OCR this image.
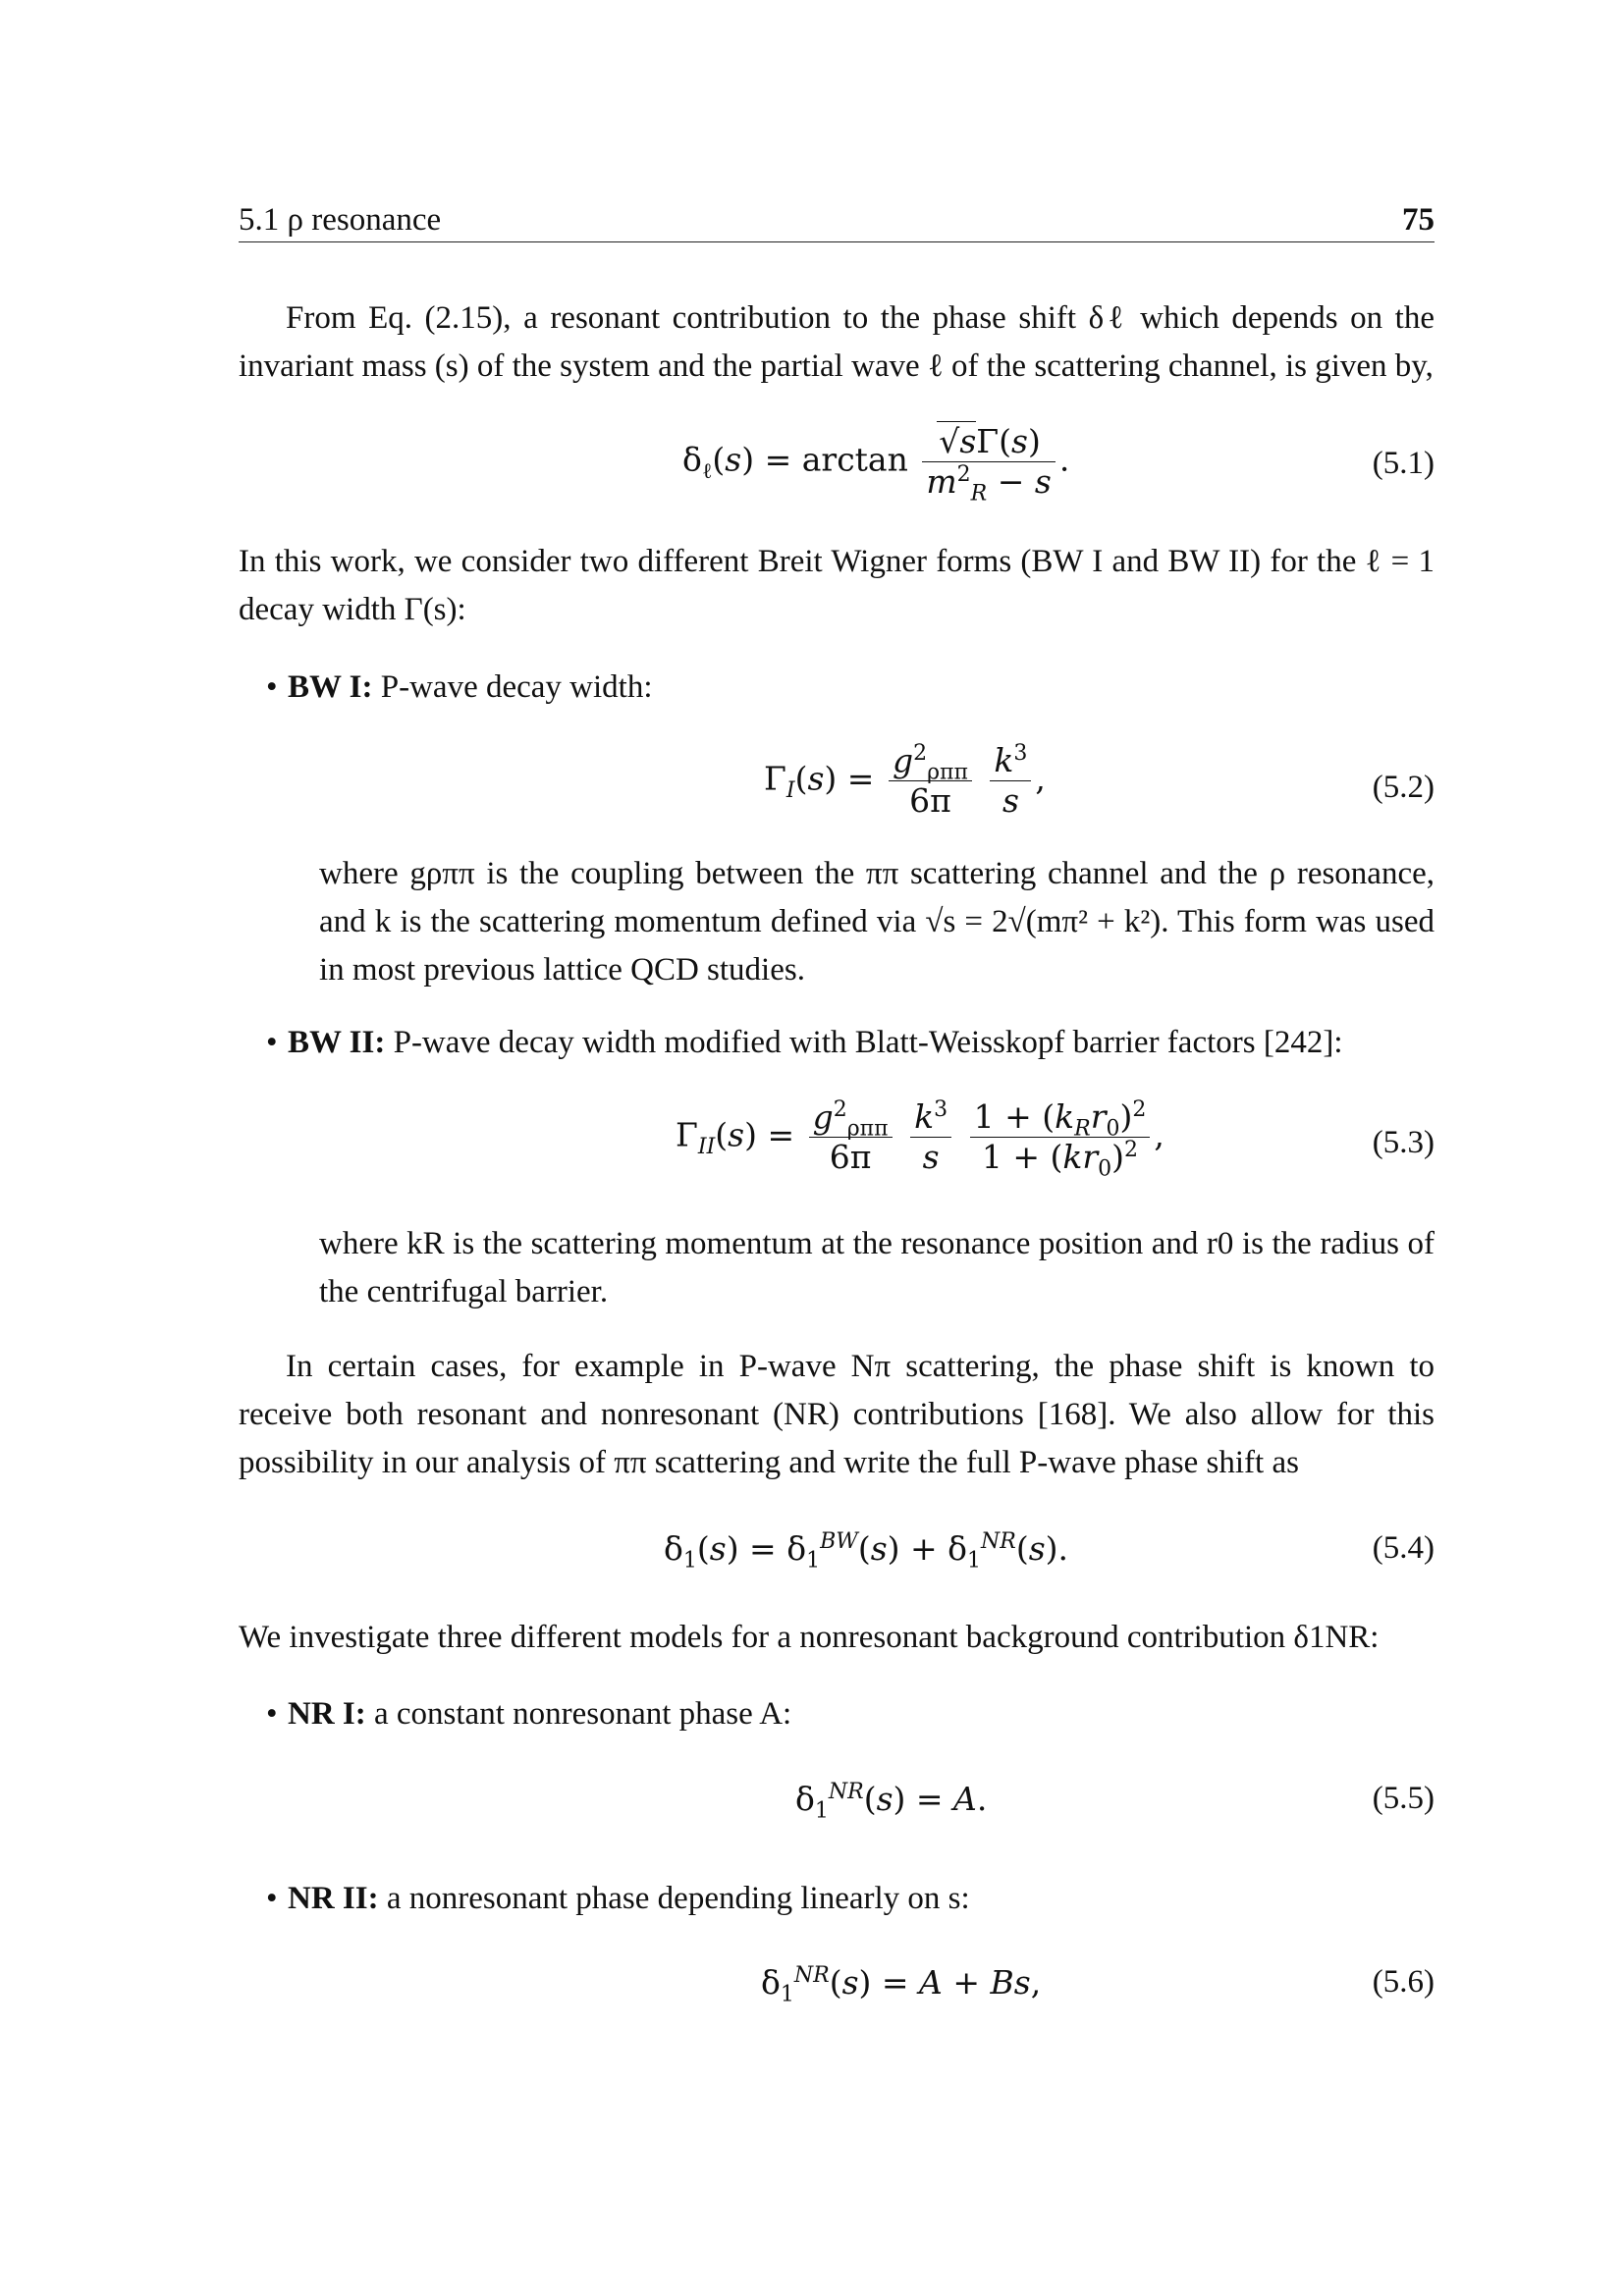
5.1 ρ resonance	75
From Eq. (2.15), a resonant contribution to the phase shift δℓ which depends on the invariant mass (s) of the system and the partial wave ℓ of the scattering channel, is given by,
$\delta_\ell(s) = \arctan \frac{√s\Gamma(s)}{m^2_R - s}$ .	(5.1)
In this work, we consider two different Breit Wigner forms (BW I and BW II) for the ℓ = 1 decay width Γ(s):
• BW I: P-wave decay width:
$\Gamma_I(s) = \frac{g^2_{\rho\pi\pi}}{6\pi}$
$\frac{k^3}{s}$ ,	(5.2)
where gρππ is the coupling between the ππ scattering channel and the ρ resonance, and k is the scattering momentum defined via √s = 2√(mπ² + k²). This form was used in most previous lattice QCD studies.
• BW II: P-wave decay width modified with Blatt-Weisskopf barrier factors [242]:
$\Gamma_{II}(s) = \frac{g^2_{\rho\pi\pi}}{6\pi}$
$\frac{k^3}{s}$
$\frac{1 + (k_Rr_0)^2}{1 + (kr_0)^2}$ ,	(5.3)
where kR is the scattering momentum at the resonance position and r0 is the radius of the centrifugal barrier.
In certain cases, for example in P-wave Nπ scattering, the phase shift is known to receive both resonant and nonresonant (NR) contributions [168]. We also allow for this possibility in our analysis of ππ scattering and write the full P-wave phase shift as
$\delta_1(s) = \delta_1^{BW}(s) + \delta_1^{NR}(s)$.	(5.4)
We investigate three different models for a nonresonant background contribution δ1NR:
• NR I: a constant nonresonant phase A:
$\delta_1^{NR}(s) = A$.	(5.5)
• NR II: a nonresonant phase depending linearly on s:
$\delta_1^{NR}(s) = A + Bs$,	(5.6)
